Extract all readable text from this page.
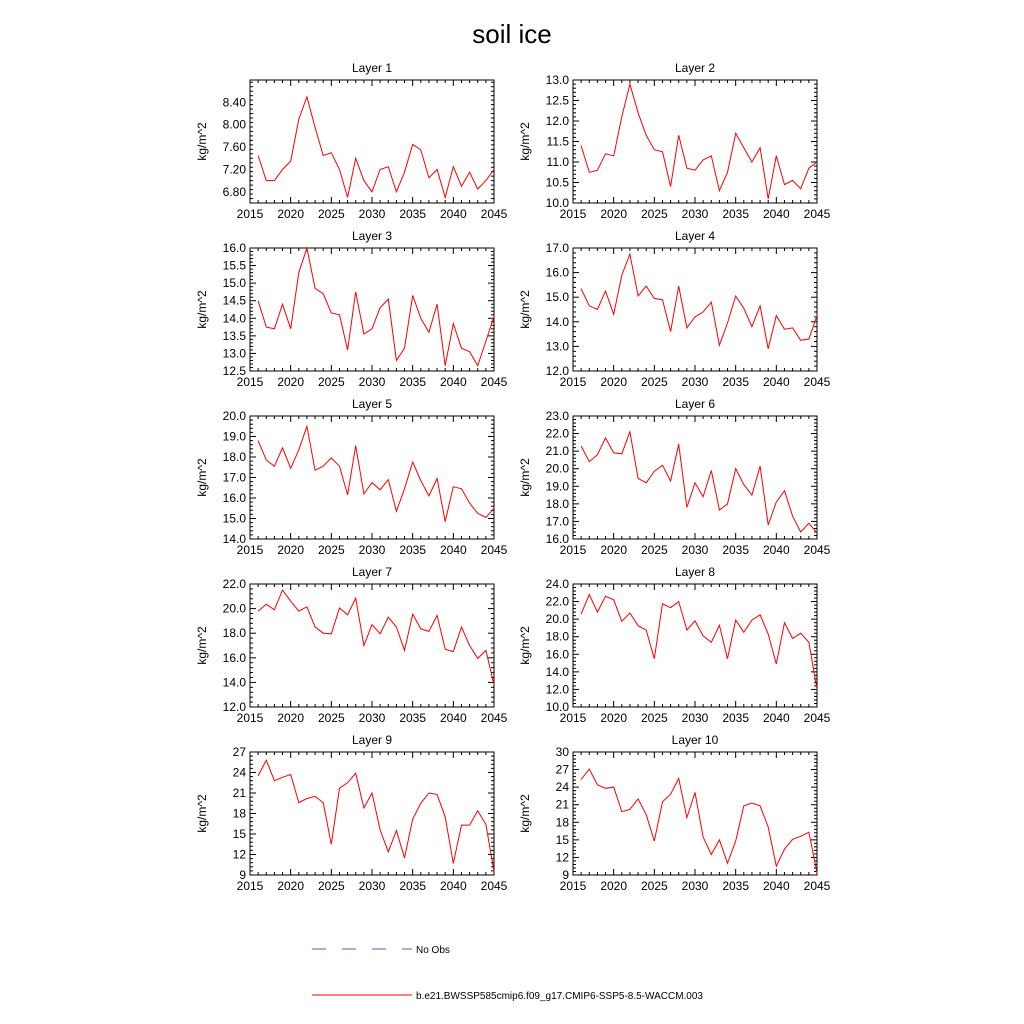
soil ice
Layer 1
2015 2020 2025 2030 2035 2040 2045
6.80
7.20
7.60
8.00
8.40
kg/m^2
Layer 2
2015 2020 2025 2030 2035 2040 2045
10.0
10.5
11.0
11.5
12.0
12.5
13.0
kg/m^2
Layer 3
2015 2020 2025 2030 2035 2040 2045
12.5
13.0
13.5
14.0
14.5
15.0
15.5
16.0
kg/m^2
Layer 4
2015 2020 2025 2030 2035 2040 2045
12.0
13.0
14.0
15.0
16.0
17.0
kg/m^2
Layer 5
2015 2020 2025 2030 2035 2040 2045
14.0
15.0
16.0
17.0
18.0
19.0
20.0
kg/m^2
Layer 6
2015 2020 2025 2030 2035 2040 2045
16.0
17.0
18.0
19.0
20.0
21.0
22.0
23.0
kg/m^2
Layer 7
2015 2020 2025 2030 2035 2040 2045
12.0
14.0
16.0
18.0
20.0
22.0
kg/m^2
Layer 8
2015 2020 2025 2030 2035 2040 2045
10.0
12.0
14.0
16.0
18.0
20.0
22.0
24.0
kg/m^2
Layer 9
2015 2020 2025 2030 2035 2040 2045
9
12
15
18
21
24
27
kg/m^2
Layer 10
2015 2020 2025 2030 2035 2040 2045
9
12
15
18
21
24
27
30
kg/m^2
No Obs
b.e21.BWSSP585cmip6.f09_g17.CMIP6-SSP5-8.5-WACCM.003
